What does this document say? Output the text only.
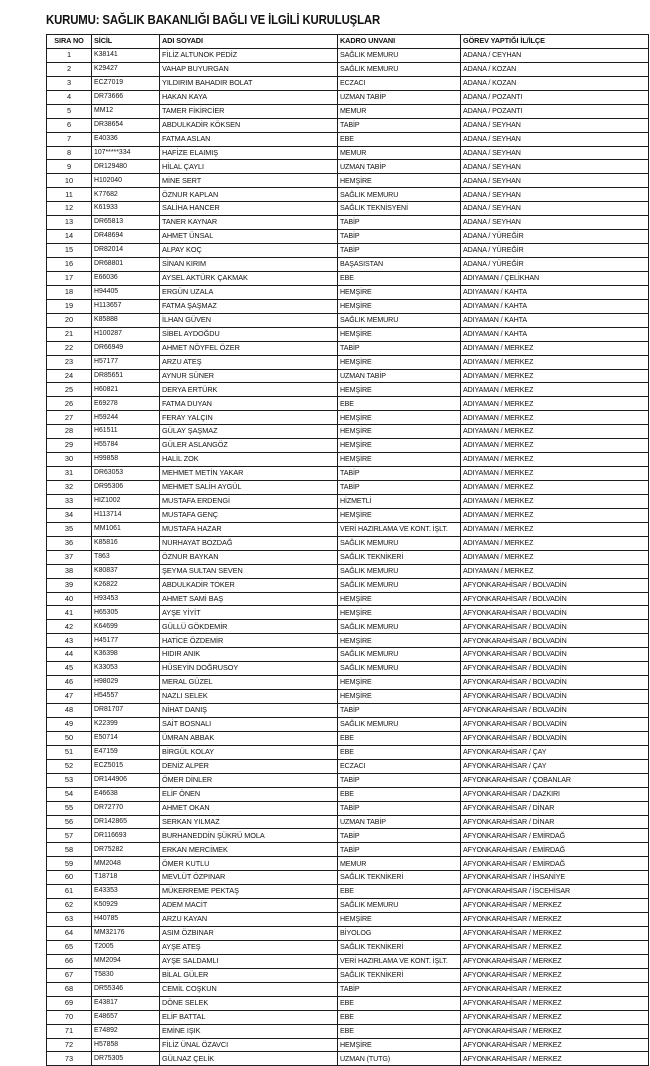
KURUMU: SAĞLIK BAKANLIĞI BAĞLI VE İLGİLİ KURULUŞLAR
SIRA NO	SİCİL	ADI SOYADI	KADRO UNVANI	GÖREV YAPTIĞI İL/İLÇE
1	K38141	FİLİZ ALTUNOK PEDİZ	SAĞLIK MEMURU	ADANA / CEYHAN
2	K29427	VAHAP BUYURGAN	SAĞLIK MEMURU	ADANA / KOZAN
3	ECZ7019	YILDIRIM BAHADIR BOLAT	ECZACI	ADANA / KOZAN
4	DR73666	HAKAN KAYA	UZMAN TABİP	ADANA / POZANTI
5	MM12	TAMER FİKİRCİER	MEMUR	ADANA / POZANTI
6	DR38654	ABDULKADİR KÖKSEN	TABİP	ADANA / SEYHAN
7	E40336	FATMA ASLAN	EBE	ADANA / SEYHAN
8	107*****334	HAFİZE ELAIMIŞ	MEMUR	ADANA / SEYHAN
9	DR129480	HİLAL ÇAYLI	UZMAN TABİP	ADANA / SEYHAN
10	H102040	MİNE SERT	HEMŞİRE	ADANA / SEYHAN
11	K77682	ÖZNUR KAPLAN	SAĞLIK MEMURU	ADANA / SEYHAN
12	K61933	SALİHA HANCER	SAĞLIK TEKNİSYENİ	ADANA / SEYHAN
13	DR65813	TANER KAYNAR	TABİP	ADANA / SEYHAN
14	DR48694	AHMET ÜNSAL	TABİP	ADANA / YÜREĞİR
15	DR82014	ALPAY KOÇ	TABİP	ADANA / YÜREĞİR
16	DR68801	SİNAN KIRIM	BAŞASISTAN	ADANA / YÜREĞİR
17	E66036	AYSEL AKTÜRK ÇAKMAK	EBE	ADIYAMAN / ÇELİKHAN
18	H94405	ERGÜN UZALA	HEMŞİRE	ADIYAMAN / KAHTA
19	H113657	FATMA ŞAŞMAZ	HEMŞİRE	ADIYAMAN / KAHTA
20	K85888	İLHAN GÜVEN	SAĞLIK MEMURU	ADIYAMAN / KAHTA
21	H100287	SİBEL AYDOĞDU	HEMŞİRE	ADIYAMAN / KAHTA
22	DR66949	AHMET NÖYFEL ÖZER	TABİP	ADIYAMAN / MERKEZ
23	H57177	ARZU ATEŞ	HEMŞİRE	ADIYAMAN / MERKEZ
24	DR85651	AYNUR SÜNER	UZMAN TABİP	ADIYAMAN / MERKEZ
25	H60821	DERYA ERTÜRK	HEMŞİRE	ADIYAMAN / MERKEZ
26	E69278	FATMA DUYAN	EBE	ADIYAMAN / MERKEZ
27	H59244	FERAY YALÇIN	HEMŞİRE	ADIYAMAN / MERKEZ
28	H61511	GÜLAY ŞAŞMAZ	HEMŞİRE	ADIYAMAN / MERKEZ
29	H55784	GÜLER ASLANGÖZ	HEMŞİRE	ADIYAMAN / MERKEZ
30	H99858	HALİL ZOK	HEMŞİRE	ADIYAMAN / MERKEZ
31	DR63053	MEHMET METİN YAKAR	TABİP	ADIYAMAN / MERKEZ
32	DR95306	MEHMET SALİH AYGÜL	TABİP	ADIYAMAN / MERKEZ
33	HIZ1002	MUSTAFA ERDENGİ	HİZMETLİ	ADIYAMAN / MERKEZ
34	H113714	MUSTAFA GENÇ	HEMŞİRE	ADIYAMAN / MERKEZ
35	MM1061	MUSTAFA HAZAR	VERİ HAZIRLAMA VE KONT. İŞLT.	ADIYAMAN / MERKEZ
36	K85816	NURHAYAT BOZDAĞ	SAĞLIK MEMURU	ADIYAMAN / MERKEZ
37	T863	ÖZNUR BAYKAN	SAĞLIK TEKNİKERİ	ADIYAMAN / MERKEZ
38	K80837	ŞEYMA SULTAN SEVEN	SAĞLIK MEMURU	ADIYAMAN / MERKEZ
39	K26822	ABDULKADİR TOKER	SAĞLIK MEMURU	AFYONKARAHİSAR / BOLVADİN
40	H93453	AHMET SAMİ BAŞ	HEMŞİRE	AFYONKARAHİSAR / BOLVADİN
41	H65305	AYŞE YİYİT	HEMŞİRE	AFYONKARAHİSAR / BOLVADİN
42	K64699	GÜLLÜ GÖKDEMİR	SAĞLIK MEMURU	AFYONKARAHİSAR / BOLVADİN
43	H45177	HATİCE ÖZDEMİR	HEMŞİRE	AFYONKARAHİSAR / BOLVADİN
44	K36398	HIDIR ANIK	SAĞLIK MEMURU	AFYONKARAHİSAR / BOLVADİN
45	K33053	HÜSEYİN DOĞRUSOY	SAĞLIK MEMURU	AFYONKARAHİSAR / BOLVADİN
46	H98029	MERAL GÜZEL	HEMŞİRE	AFYONKARAHİSAR / BOLVADİN
47	H54557	NAZLI SELEK	HEMŞİRE	AFYONKARAHİSAR / BOLVADİN
48	DR81707	NİHAT DANIŞ	TABİP	AFYONKARAHİSAR / BOLVADİN
49	K22399	SAİT BOSNALI	SAĞLIK MEMURU	AFYONKARAHİSAR / BOLVADİN
50	E50714	ÜMRAN ABBAK	EBE	AFYONKARAHİSAR / BOLVADİN
51	E47159	BİRGÜL KOLAY	EBE	AFYONKARAHİSAR / ÇAY
52	ECZ5015	DENİZ ALPER	ECZACI	AFYONKARAHİSAR / ÇAY
53	DR144906	ÖMER DİNLER	TABİP	AFYONKARAHİSAR / ÇOBANLAR
54	E46638	ELİF ÖNEN	EBE	AFYONKARAHİSAR / DAZKIRI
55	DR72770	AHMET OKAN	TABİP	AFYONKARAHİSAR / DİNAR
56	DR142865	SERKAN YILMAZ	UZMAN TABİP	AFYONKARAHİSAR / DİNAR
57	DR116693	BURHANEDDİN ŞÜKRÜ MOLA	TABİP	AFYONKARAHİSAR / EMİRDAĞ
58	DR75282	ERKAN MERCİMEK	TABİP	AFYONKARAHİSAR / EMİRDAĞ
59	MM2048	ÖMER KUTLU	MEMUR	AFYONKARAHİSAR / EMİRDAĞ
60	T18718	MEVLÜT ÖZPINAR	SAĞLIK TEKNİKERİ	AFYONKARAHİSAR / İHSANİYE
61	E43353	MÜKERREME PEKTAŞ	EBE	AFYONKARAHİSAR / İSCEHİSAR
62	K50929	ADEM MACİT	SAĞLIK MEMURU	AFYONKARAHİSAR / MERKEZ
63	H40785	ARZU KAYAN	HEMŞİRE	AFYONKARAHİSAR / MERKEZ
64	MM32176	ASIM ÖZBINAR	BİYOLOG	AFYONKARAHİSAR / MERKEZ
65	T2005	AYŞE ATEŞ	SAĞLIK TEKNİKERİ	AFYONKARAHİSAR / MERKEZ
66	MM2094	AYŞE SALDAMLI	VERİ HAZIRLAMA VE KONT. İŞLT.	AFYONKARAHİSAR / MERKEZ
67	T5830	BİLAL GÜLER	SAĞLIK TEKNİKERİ	AFYONKARAHİSAR / MERKEZ
68	DR55346	CEMİL COŞKUN	TABİP	AFYONKARAHİSAR / MERKEZ
69	E43817	DÖNE SELEK	EBE	AFYONKARAHİSAR / MERKEZ
70	E48657	ELİF BATTAL	EBE	AFYONKARAHİSAR / MERKEZ
71	E74892	EMİNE IŞIK	EBE	AFYONKARAHİSAR / MERKEZ
72	H57858	FİLİZ ÜNAL ÖZAVCI	HEMŞİRE	AFYONKARAHİSAR / MERKEZ
73	DR75305	GÜLNAZ ÇELİK	UZMAN (TUTG)	AFYONKARAHİSAR / MERKEZ
